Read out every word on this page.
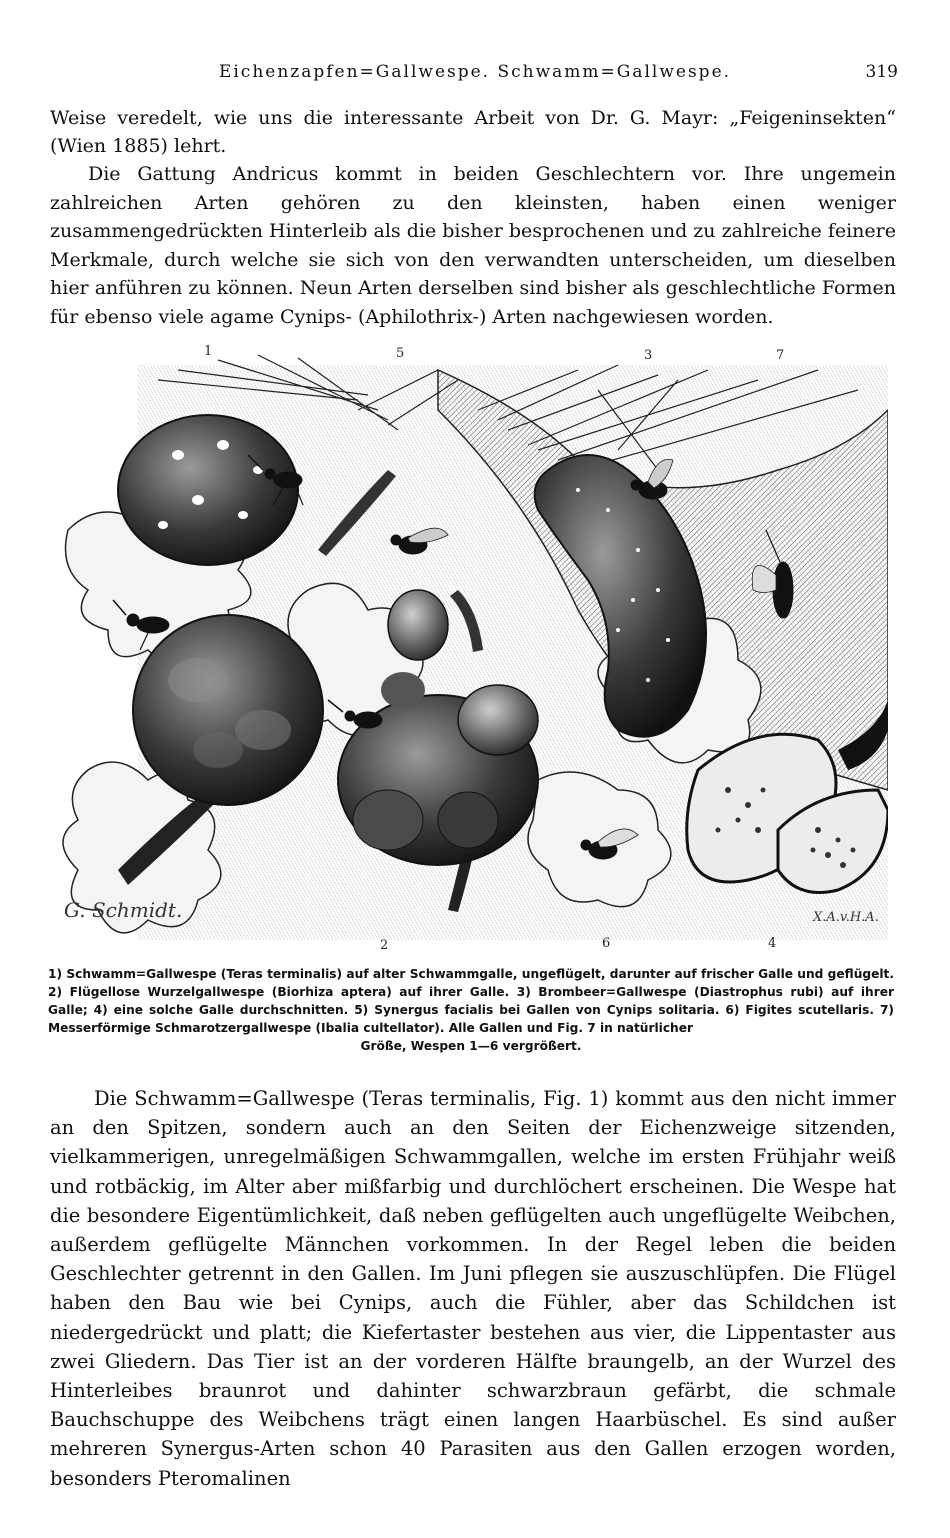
Eichenzapfen=Gallwespe. Schwamm=Gallwespe.	319

Weise veredelt, wie uns die interessante Arbeit von Dr. G. Mayr: „Feigeninsekten“ (Wien 1885) lehrt.

Die Gattung Andricus kommt in beiden Geschlechtern vor. Ihre ungemein zahlreichen Arten gehören zu den kleinsten, haben einen weniger zusammengedrückten Hinterleib als die bisher besprochenen und zu zahlreiche feinere Merkmale, durch welche sie sich von den verwandten unterscheiden, um dieselben hier anführen zu können. Neun Arten derselben sind bisher als geschlechtliche Formen für ebenso viele agame Cynips- (Aphilothrix-) Arten nachgewiesen worden.

1	5	3	7
2	6	4
G. Schmidt.	X.A.v.H.A.

1) Schwamm=Gallwespe (Teras terminalis) auf alter Schwammgalle, ungeflügelt, darunter auf frischer Galle und geflügelt. 2) Flügellose Wurzelgallwespe (Biorhiza aptera) auf ihrer Galle. 3) Brombeer=Gallwespe (Diastrophus rubi) auf ihrer Galle; 4) eine solche Galle durchschnitten. 5) Synergus facialis bei Gallen von Cynips solitaria. 6) Figites scutellaris. 7) Messerförmige Schmarotzergallwespe (Ibalia cultellator). Alle Gallen und Fig. 7 in natürlicher
Größe, Wespen 1—6 vergrößert.

Die Schwamm=Gallwespe (Teras terminalis, Fig. 1) kommt aus den nicht immer an den Spitzen, sondern auch an den Seiten der Eichenzweige sitzenden, vielkammerigen, unregelmäßigen Schwammgallen, welche im ersten Frühjahr weiß und rotbäckig, im Alter aber mißfarbig und durchlöchert erscheinen. Die Wespe hat die besondere Eigentümlichkeit, daß neben geflügelten auch ungeflügelte Weibchen, außerdem geflügelte Männchen vorkommen. In der Regel leben die beiden Geschlechter getrennt in den Gallen. Im Juni pflegen sie auszuschlüpfen. Die Flügel haben den Bau wie bei Cynips, auch die Fühler, aber das Schildchen ist niedergedrückt und platt; die Kiefertaster bestehen aus vier, die Lippentaster aus zwei Gliedern. Das Tier ist an der vorderen Hälfte braungelb, an der Wurzel des Hinterleibes braunrot und dahinter schwarzbraun gefärbt, die schmale Bauchschuppe des Weibchens trägt einen langen Haarbüschel. Es sind außer mehreren Synergus-Arten schon 40 Parasiten aus den Gallen erzogen worden, besonders Pteromalinen
